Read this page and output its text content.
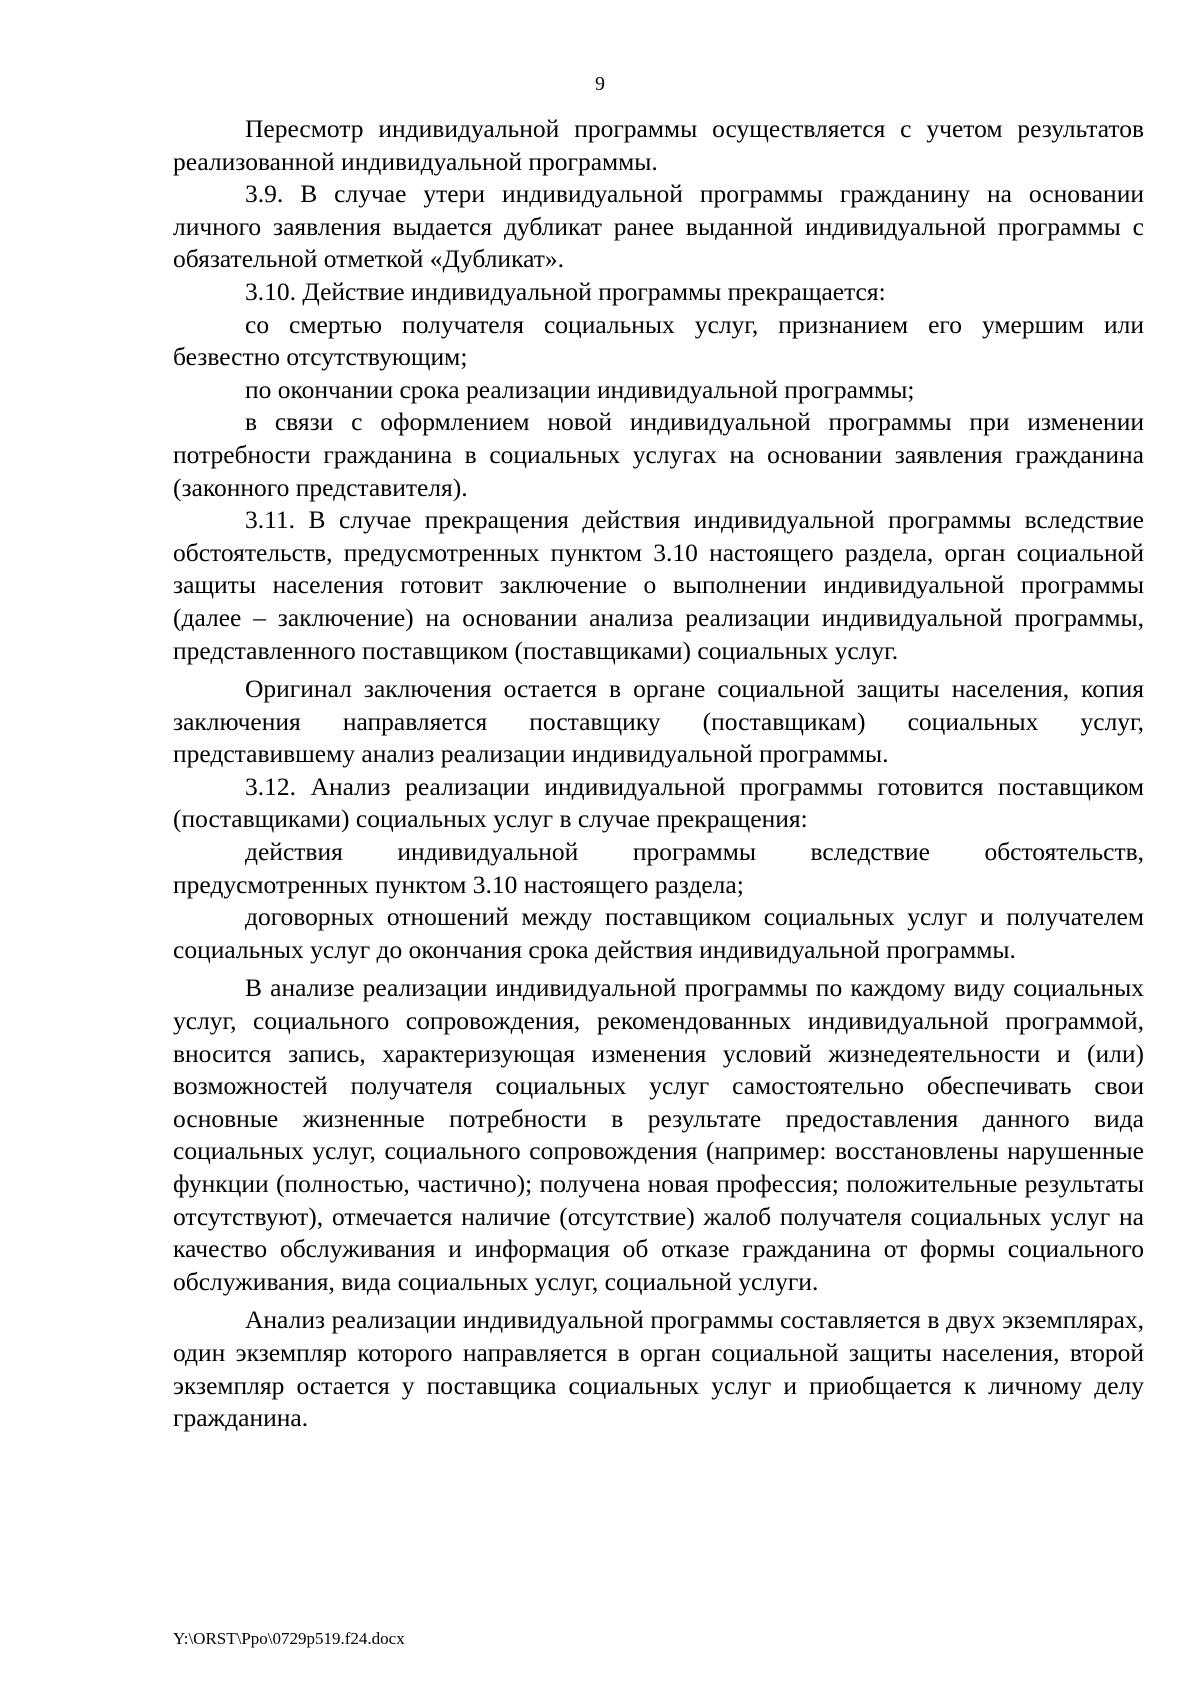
9

Пересмотр индивидуальной программы осуществляется с учетом результатов реализованной индивидуальной программы.

3.9. В случае утери индивидуальной программы гражданину на основании личного заявления выдается дубликат ранее выданной индивидуальной программы с обязательной отметкой «Дубликат».

3.10. Действие индивидуальной программы прекращается:

со смертью получателя социальных услуг, признанием его умершим или безвестно отсутствующим;

по окончании срока реализации индивидуальной программы;

в связи с оформлением новой индивидуальной программы при изменении потребности гражданина в социальных услугах на основании заявления гражданина (законного представителя).

3.11. В случае прекращения действия индивидуальной программы вследствие обстоятельств, предусмотренных пунктом 3.10 настоящего раздела, орган социальной защиты населения готовит заключение о выполнении индивидуальной программы (далее – заключение) на основании анализа реализации индивидуальной программы, представленного поставщиком (поставщиками) социальных услуг.

Оригинал заключения остается в органе социальной защиты населения, копия заключения направляется поставщику (поставщикам) социальных услуг, представившему анализ реализации индивидуальной программы.

3.12. Анализ реализации индивидуальной программы готовится поставщиком (поставщиками) социальных услуг в случае прекращения:

действия индивидуальной программы вследствие обстоятельств, предусмотренных пунктом 3.10 настоящего раздела;

договорных отношений между поставщиком социальных услуг и получателем социальных услуг до окончания срока действия индивидуальной программы.

В анализе реализации индивидуальной программы по каждому виду социальных услуг, социального сопровождения, рекомендованных индивидуальной программой, вносится запись, характеризующая изменения условий жизнедеятельности и (или) возможностей получателя социальных услуг самостоятельно обеспечивать свои основные жизненные потребности в результате предоставления данного вида социальных услуг, социального сопровождения (например: восстановлены нарушенные функции (полностью, частично); получена новая профессия; положительные результаты отсутствуют), отмечается наличие (отсутствие) жалоб получателя социальных услуг на качество обслуживания и информация об отказе гражданина от формы социального обслуживания, вида социальных услуг, социальной услуги.

Анализ реализации индивидуальной программы составляется в двух экземплярах, один экземпляр которого направляется в орган социальной защиты населения, второй экземпляр остается у поставщика социальных услуг и приобщается к личному делу гражданина.

Y:\ORST\Ppo\0729p519.f24.docx
